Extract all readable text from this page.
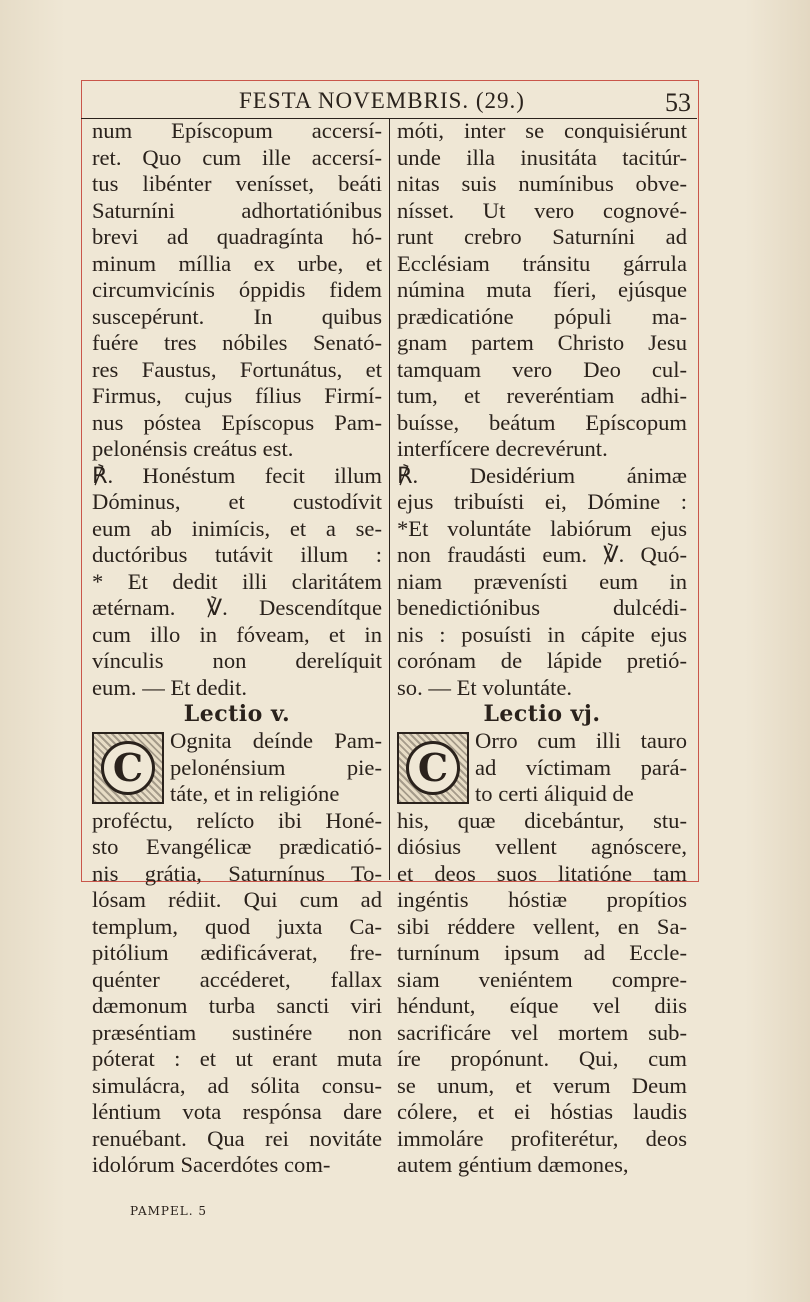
FESTA NOVEMBRIS. (29.)	53
num Epíscopum accersí-
ret. Quo cum ille accersí-
tus libénter venísset, beáti
Saturníni adhortatiónibus
brevi ad quadragínta hó-
minum míllia ex urbe, et
circumvicínis óppidis fidem
suscepérunt. In quibus
fuére tres nóbiles Senató-
res Faustus, Fortunátus, et
Firmus, cujus fílius Firmí-
nus póstea Epíscopus Pam-
pelonénsis creátus est.
℟. Honéstum fecit illum
Dóminus, et custodívit
eum ab inimícis, et a se-
ductóribus tutávit illum :
* Et dedit illi claritátem
ætérnam. ℣. Descendítque
cum illo in fóveam, et in
vínculis non derelíquit
eum. — Et dedit.
Lectio v.
C
Ognita deínde Pam-
pelonénsium pie-
táte, et in religióne
proféctu, relícto ibi Honé-
sto Evangélicæ prædicatió-
nis grátia, Saturnínus To-
lósam rédiit. Qui cum ad
templum, quod juxta Ca-
pitólium ædificáverat, fre-
quénter accéderet, fallax
dæmonum turba sancti viri
præséntiam sustinére non
póterat : et ut erant muta
simulácra, ad sólita consu-
léntium vota respónsa dare
renuébant. Qua rei novitáte
idolórum Sacerdótes com-
móti, inter se conquisiérunt
unde illa inusitáta tacitúr-
nitas suis numínibus obve-
nísset. Ut vero cognové-
runt crebro Saturníni ad
Ecclésiam tránsitu gárrula
númina muta fíeri, ejúsque
prædicatióne pópuli ma-
gnam partem Christo Jesu
tamquam vero Deo cul-
tum, et reveréntiam adhi-
buísse, beátum Epíscopum
interfícere decrevérunt.
℟. Desidérium ánimæ
ejus tribuísti ei, Dómine :
*Et voluntáte labiórum ejus
non fraudásti eum. ℣. Quó-
niam prævenísti eum in
benedictiónibus dulcédi-
nis : posuísti in cápite ejus
corónam de lápide pretió-
so. — Et voluntáte.
Lectio vj.
C
Orro cum illi tauro
ad víctimam pará-
to certi áliquid de
his, quæ dicebántur, stu-
diósius vellent agnóscere,
et deos suos litatióne tam
ingéntis hóstiæ propítios
sibi réddere vellent, en Sa-
turnínum ipsum ad Eccle-
siam veniéntem compre-
héndunt, eíque vel diis
sacrificáre vel mortem sub-
íre propónunt. Qui, cum
se unum, et verum Deum
cólere, et ei hóstias laudis
immoláre profiterétur, deos
autem géntium dæmones,
PAMPEL. 5
